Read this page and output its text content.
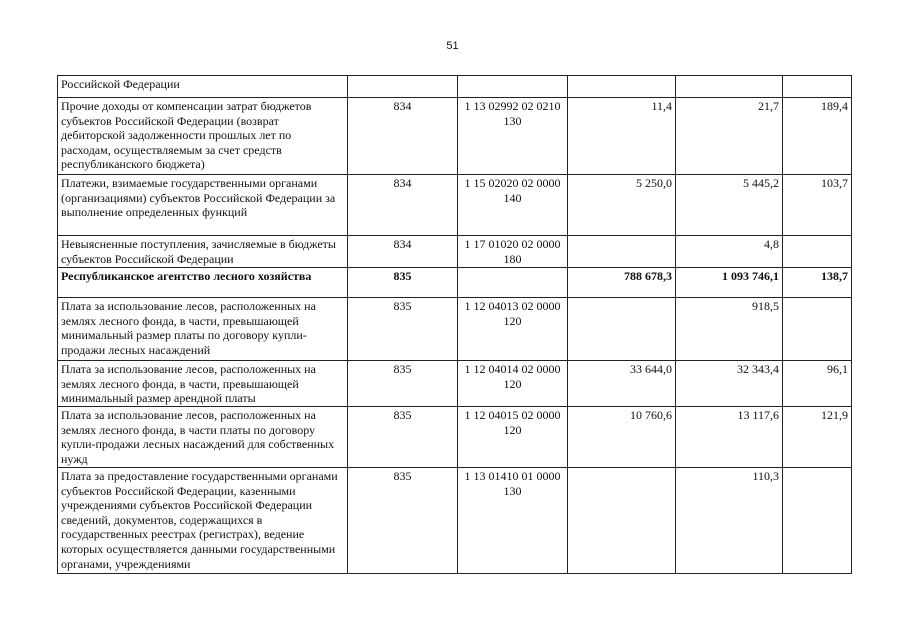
51
Российской Федерации					
Прочие доходы от компенсации затрат бюджетов субъектов Российской Федерации (возврат дебиторской задолженности прошлых лет по расходам, осуществляемым за счет средств республиканского бюджета)	834	1 13 02992 02 0210 130	11,4	21,7	189,4
Платежи, взимаемые государственными органами (организациями) субъектов Российской Федерации за выполнение определенных функций	834	1 15 02020 02 0000 140	5 250,0	5 445,2	103,7
Невыясненные поступления, зачисляемые в бюджеты субъектов Российской Федерации	834	1 17 01020 02 0000 180		4,8	
Республиканское агентство лесного хозяйства	835		788 678,3	1 093 746,1	138,7
Плата за использование лесов, расположенных на землях лесного фонда, в части, превышающей минимальный размер платы по договору купли-продажи лесных насаждений	835	1 12 04013 02 0000 120		918,5	
Плата за использование лесов, расположенных на землях лесного фонда, в части, превышающей минимальный размер арендной платы	835	1 12 04014 02 0000 120	33 644,0	32 343,4	96,1
Плата за использование лесов, расположенных на землях лесного фонда, в части платы по договору купли-продажи лесных насаждений для собственных нужд	835	1 12 04015 02 0000 120	10 760,6	13 117,6	121,9
Плата за предоставление государственными органами субъектов Российской Федерации, казенными учреждениями субъектов Российской Федерации сведений, документов, содержащихся в государственных реестрах (регистрах), ведение которых осуществляется данными государственными органами, учреждениями	835	1 13 01410 01 0000 130		110,3	
